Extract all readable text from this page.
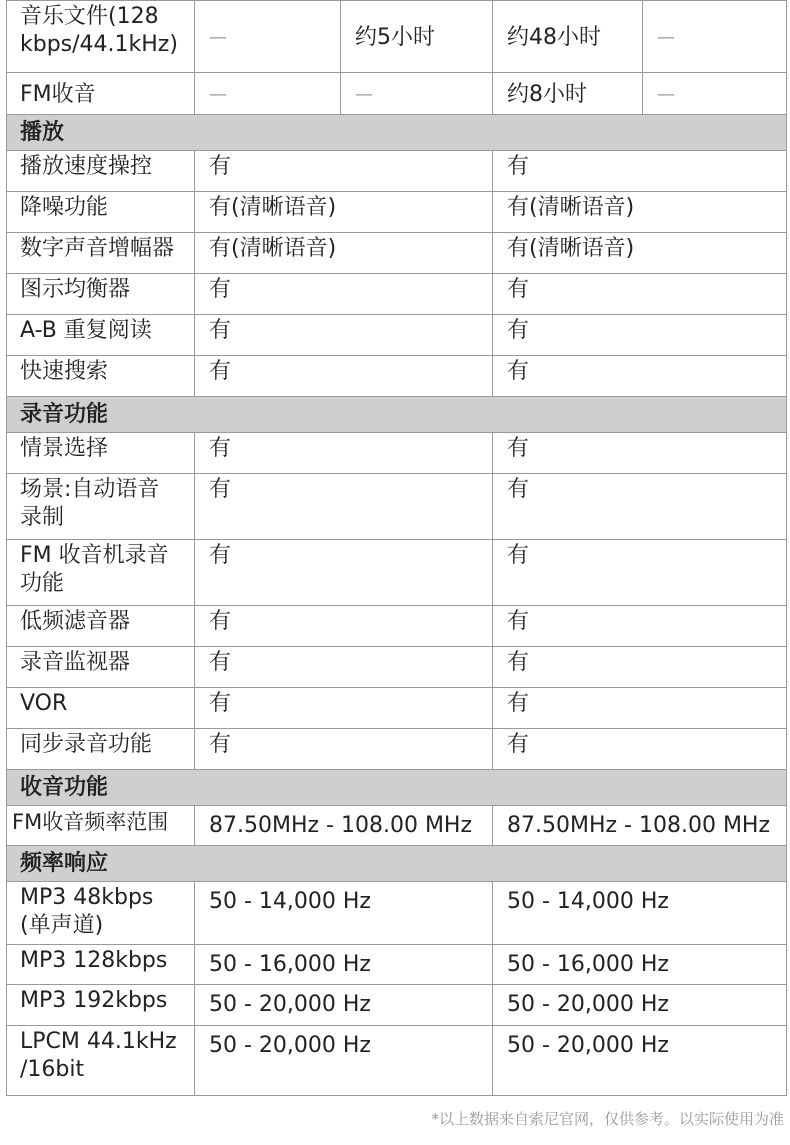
音乐文件(128
kbps/44.1kHz)	—	约5小时	约48小时	—
FM收音	—	—	约8小时	—
播放				
播放速度操控	有		有	
降噪功能	有(清晰语音)		有(清晰语音)	
数字声音增幅器	有(清晰语音)		有(清晰语音)	
图示均衡器	有		有	
A-B 重复阅读	有		有	
快速搜索	有		有	
录音功能				
情景选择	有		有	
场景:自动语音
录制	有		有	
FM 收音机录音
功能	有		有	
低频滤音器	有		有	
录音监视器	有		有	
VOR	有		有	
同步录音功能	有		有	
收音功能				
FM收音频率范围	87.50MHz - 108.00 MHz		87.50MHz - 108.00 MHz	
频率响应				
MP3 48kbps
(单声道)	50 - 14,000 Hz		50 - 14,000 Hz	
MP3 128kbps	50 - 16,000 Hz		50 - 16,000 Hz	
MP3 192kbps	50 - 20,000 Hz		50 - 20,000 Hz	
LPCM 44.1kHz
/16bit	50 - 20,000 Hz		50 - 20,000 Hz	
*以上数据来自索尼官网，仅供参考。以实际使用为准
